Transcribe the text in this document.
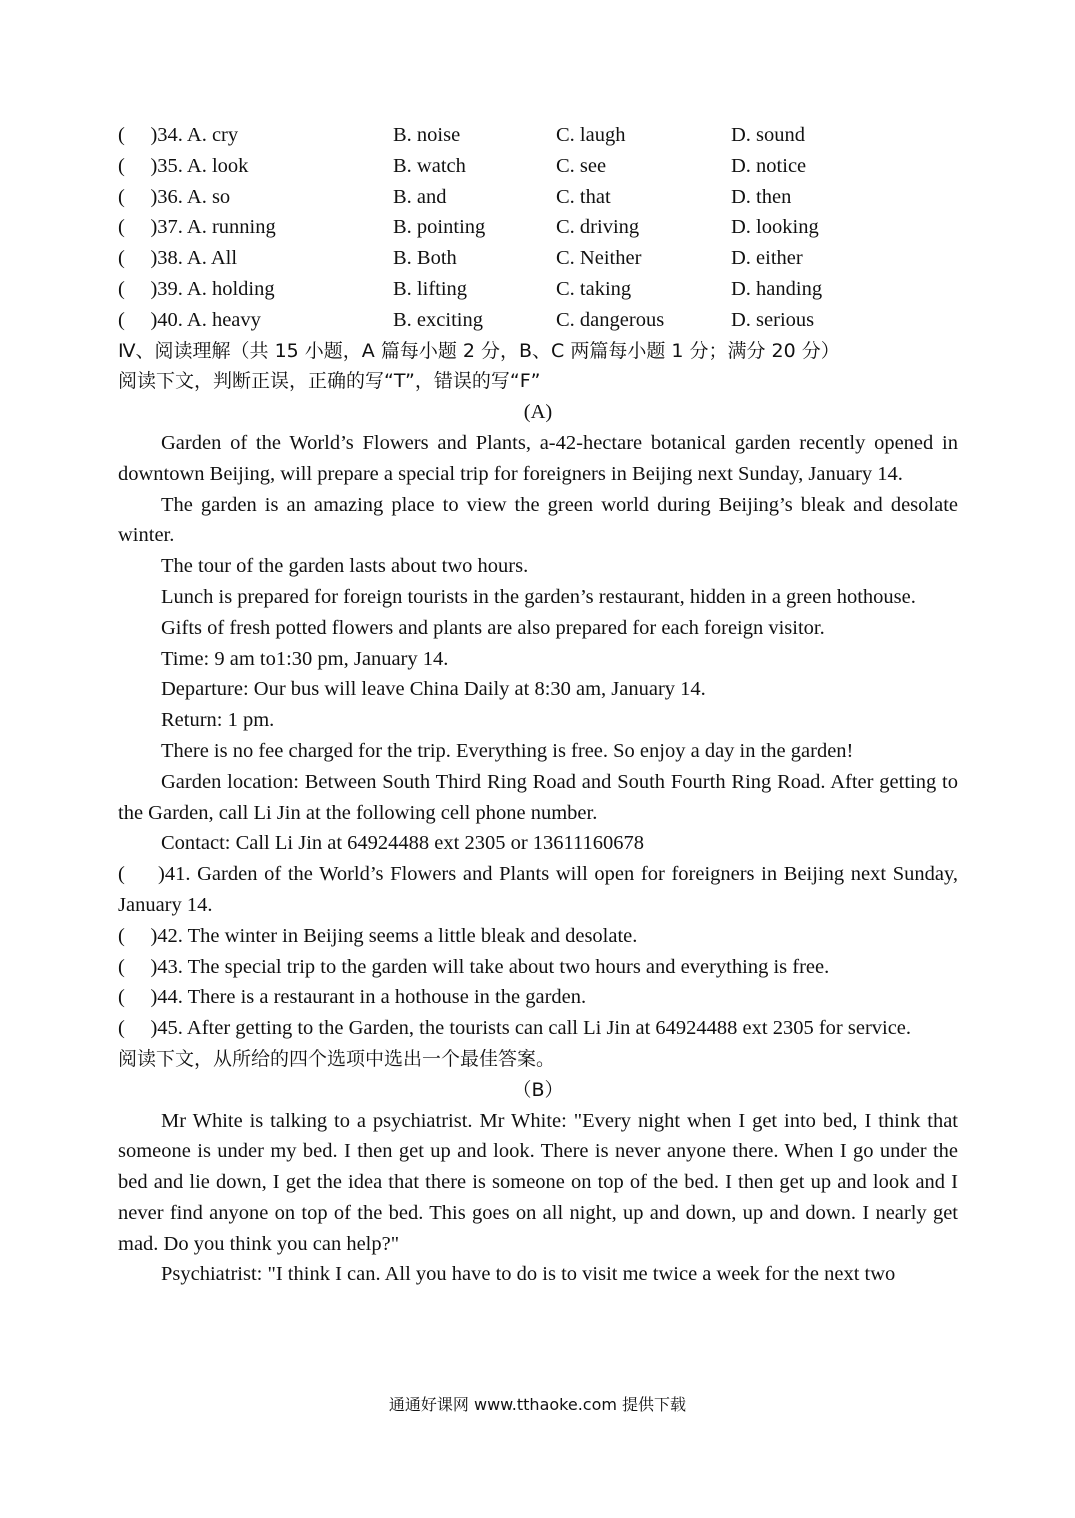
(     )34. A. cry	B. noise	C. laugh	D. sound
(     )35. A. look	B. watch	C. see	D. notice
(     )36. A. so	B. and	C. that	D. then
(     )37. A. running	B. pointing	C. driving	D. looking
(     )38. A. All	B. Both	C. Neither	D. either
(     )39. A. holding	B. lifting	C. taking	D. handing
(     )40. A. heavy	B. exciting	C. dangerous	D. serious
Ⅳ、阅读理解（共 15 小题，A 篇每小题 2 分，B、C 两篇每小题 1 分；满分 20 分）
阅读下文，判断正误，正确的写“T”，错误的写“F”
(A)
Garden of the World’s Flowers and Plants, a-42-hectare botanical garden recently opened in downtown Beijing, will prepare a special trip for foreigners in Beijing next Sunday, January 14.
The garden is an amazing place to view the green world during Beijing’s bleak and desolate winter.
The tour of the garden lasts about two hours.
Lunch is prepared for foreign tourists in the garden’s restaurant, hidden in a green hothouse.
Gifts of fresh potted flowers and plants are also prepared for each foreign visitor.
Time: 9 am to1:30 pm, January 14.
Departure: Our bus will leave China Daily at 8:30 am, January 14.
Return: 1 pm.
There is no fee charged for the trip. Everything is free. So enjoy a day in the garden!
Garden location: Between South Third Ring Road and South Fourth Ring Road. After getting to the Garden, call Li Jin at the following cell phone number.
Contact: Call Li Jin at 64924488 ext 2305 or 13611160678
(     )41. Garden of the World’s Flowers and Plants will open for foreigners in Beijing next Sunday, January 14.
(     )42. The winter in Beijing seems a little bleak and desolate.
(     )43. The special trip to the garden will take about two hours and everything is free.
(     )44. There is a restaurant in a hothouse in the garden.
(     )45. After getting to the Garden, the tourists can call Li Jin at 64924488 ext 2305 for service.
阅读下文，从所给的四个选项中选出一个最佳答案。
（B）
Mr White is talking to a psychiatrist. Mr White: "Every night when I get into bed, I think that someone is under my bed. I then get up and look. There is never anyone there. When I go under the bed and lie down, I get the idea that there is someone on top of the bed. I then get up and look and I never find anyone on top of the bed. This goes on all night, up and down, up and down. I nearly get mad. Do you think you can help?"
Psychiatrist: "I think I can. All you have to do is to visit me twice a week for the next two
通通好课网 www.tthaoke.com 提供下载
